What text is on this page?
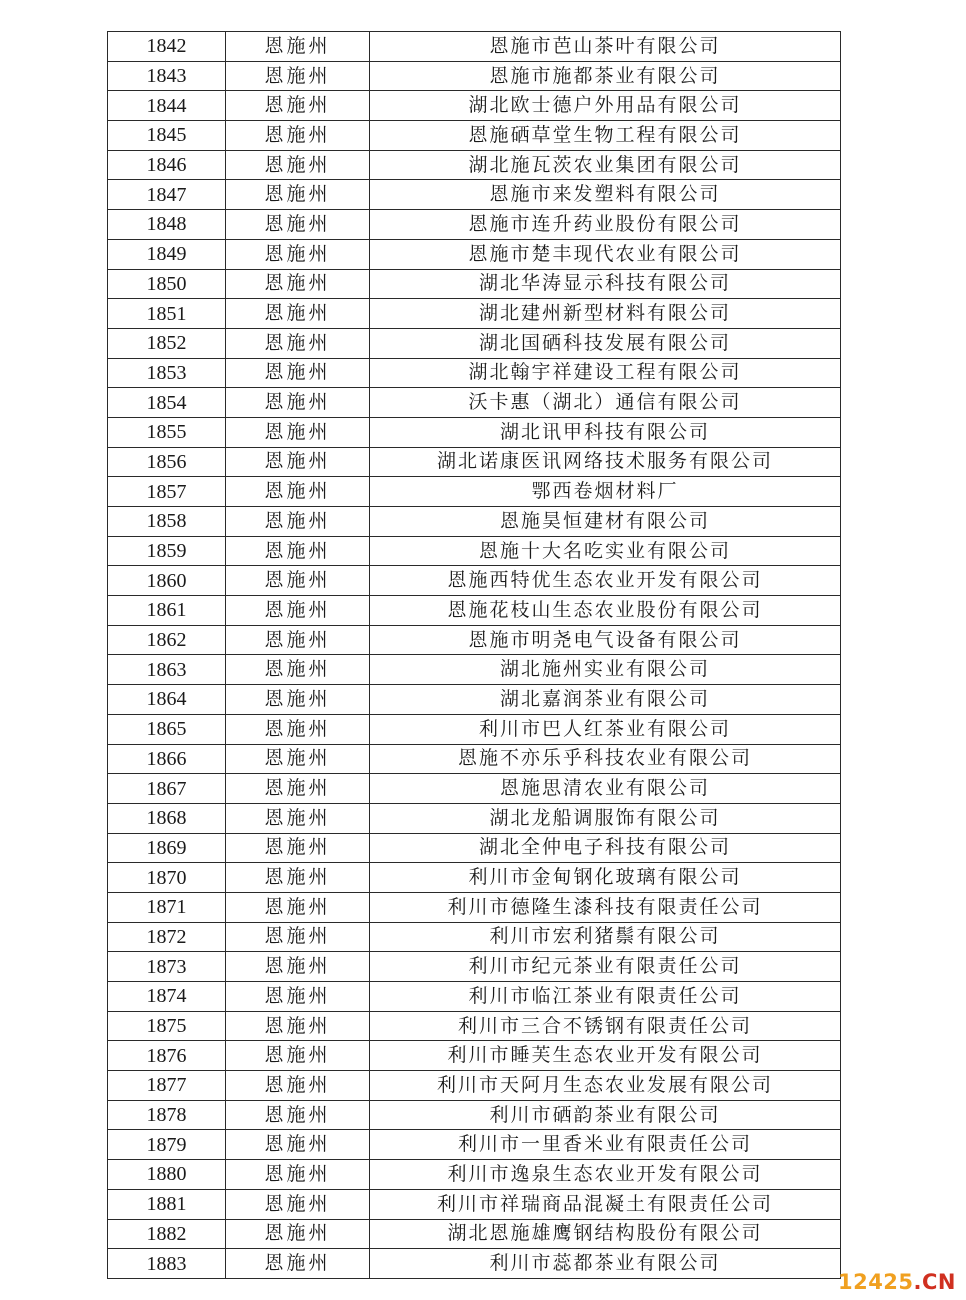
1842	恩施州	恩施市芭山茶叶有限公司
1843	恩施州	恩施市施都茶业有限公司
1844	恩施州	湖北欧士德户外用品有限公司
1845	恩施州	恩施硒草堂生物工程有限公司
1846	恩施州	湖北施瓦茨农业集团有限公司
1847	恩施州	恩施市来发塑料有限公司
1848	恩施州	恩施市连升药业股份有限公司
1849	恩施州	恩施市楚丰现代农业有限公司
1850	恩施州	湖北华涛显示科技有限公司
1851	恩施州	湖北建州新型材料有限公司
1852	恩施州	湖北国硒科技发展有限公司
1853	恩施州	湖北翰宇祥建设工程有限公司
1854	恩施州	沃卡惠（湖北）通信有限公司
1855	恩施州	湖北讯甲科技有限公司
1856	恩施州	湖北诺康医讯网络技术服务有限公司
1857	恩施州	鄂西卷烟材料厂
1858	恩施州	恩施昊恒建材有限公司
1859	恩施州	恩施十大名吃实业有限公司
1860	恩施州	恩施西特优生态农业开发有限公司
1861	恩施州	恩施花枝山生态农业股份有限公司
1862	恩施州	恩施市明尧电气设备有限公司
1863	恩施州	湖北施州实业有限公司
1864	恩施州	湖北嘉润茶业有限公司
1865	恩施州	利川市巴人红茶业有限公司
1866	恩施州	恩施不亦乐乎科技农业有限公司
1867	恩施州	恩施思清农业有限公司
1868	恩施州	湖北龙船调服饰有限公司
1869	恩施州	湖北全仲电子科技有限公司
1870	恩施州	利川市金甸钢化玻璃有限公司
1871	恩施州	利川市德隆生漆科技有限责任公司
1872	恩施州	利川市宏利猪鬃有限公司
1873	恩施州	利川市纪元茶业有限责任公司
1874	恩施州	利川市临江茶业有限责任公司
1875	恩施州	利川市三合不锈钢有限责任公司
1876	恩施州	利川市睡芙生态农业开发有限公司
1877	恩施州	利川市天阿月生态农业发展有限公司
1878	恩施州	利川市硒韵茶业有限公司
1879	恩施州	利川市一里香米业有限责任公司
1880	恩施州	利川市逸泉生态农业开发有限公司
1881	恩施州	利川市祥瑞商品混凝土有限责任公司
1882	恩施州	湖北恩施雄鹰钢结构股份有限公司
1883	恩施州	利川市蕊都茶业有限公司
12425.CN
